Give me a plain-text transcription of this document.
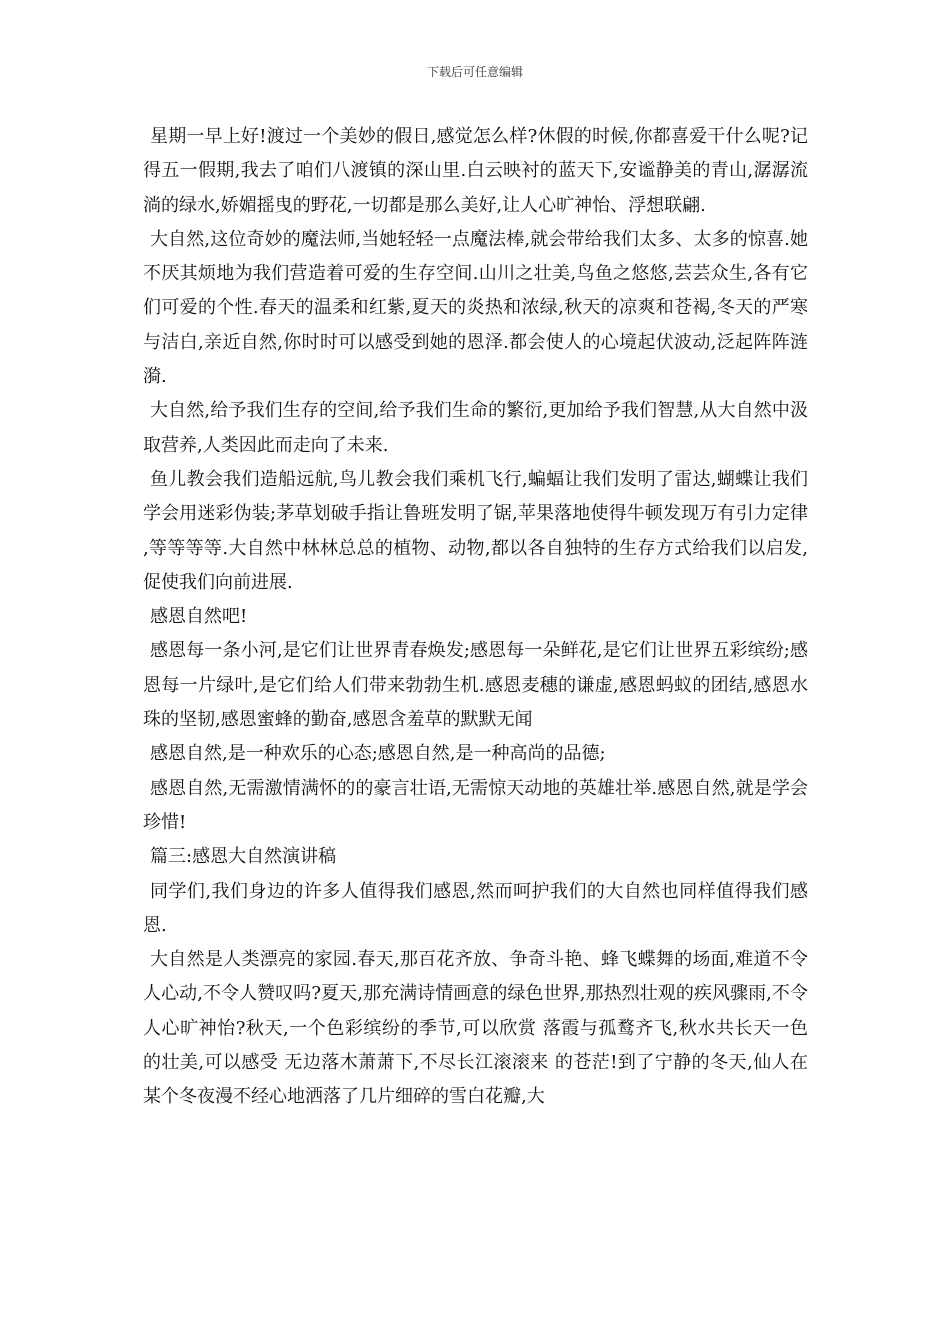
下载后可任意编辑

星期一早上好!渡过一个美妙的假日,感觉怎么样?休假的时候,你都喜爱干什么呢?记得五一假期,我去了咱们八渡镇的深山里.白云映衬的蓝天下,安谧静美的青山,潺潺流淌的绿水,娇媚摇曳的野花,一切都是那么美好,让人心旷神怡、浮想联翩.

大自然,这位奇妙的魔法师,当她轻轻一点魔法棒,就会带给我们太多、太多的惊喜.她不厌其烦地为我们营造着可爱的生存空间.山川之壮美,鸟鱼之悠悠,芸芸众生,各有它们可爱的个性.春天的温柔和红紫,夏天的炎热和浓绿,秋天的凉爽和苍褐,冬天的严寒与洁白,亲近自然,你时时可以感受到她的恩泽.都会使人的心境起伏波动,泛起阵阵涟漪.

大自然,给予我们生存的空间,给予我们生命的繁衍,更加给予我们智慧,从大自然中汲取营养,人类因此而走向了未来.

鱼儿教会我们造船远航,鸟儿教会我们乘机飞行,蝙蝠让我们发明了雷达,蝴蝶让我们学会用迷彩伪装;茅草划破手指让鲁班发明了锯,苹果落地使得牛顿发现万有引力定律,等等等等.大自然中林林总总的植物、动物,都以各自独特的生存方式给我们以启发,促使我们向前进展.

感恩自然吧!

感恩每一条小河,是它们让世界青春焕发;感恩每一朵鲜花,是它们让世界五彩缤纷;感恩每一片绿叶,是它们给人们带来勃勃生机.感恩麦穗的谦虚,感恩蚂蚁的团结,感恩水珠的坚韧,感恩蜜蜂的勤奋,感恩含羞草的默默无闻

感恩自然,是一种欢乐的心态;感恩自然,是一种高尚的品德;

感恩自然,无需激情满怀的的豪言壮语,无需惊天动地的英雄壮举.感恩自然,就是学会珍惜!

篇三:感恩大自然演讲稿

同学们,我们身边的许多人值得我们感恩,然而呵护我们的大自然也同样值得我们感恩.

大自然是人类漂亮的家园.春天,那百花齐放、争奇斗艳、蜂飞蝶舞的场面,难道不令人心动,不令人赞叹吗?夏天,那充满诗情画意的绿色世界,那热烈壮观的疾风骤雨,不令人心旷神怡?秋天,一个色彩缤纷的季节,可以欣赏 落霞与孤鹜齐飞,秋水共长天一色 的壮美,可以感受 无边落木萧萧下,不尽长江滚滚来 的苍茫!到了宁静的冬天,仙人在某个冬夜漫不经心地洒落了几片细碎的雪白花瓣,大
